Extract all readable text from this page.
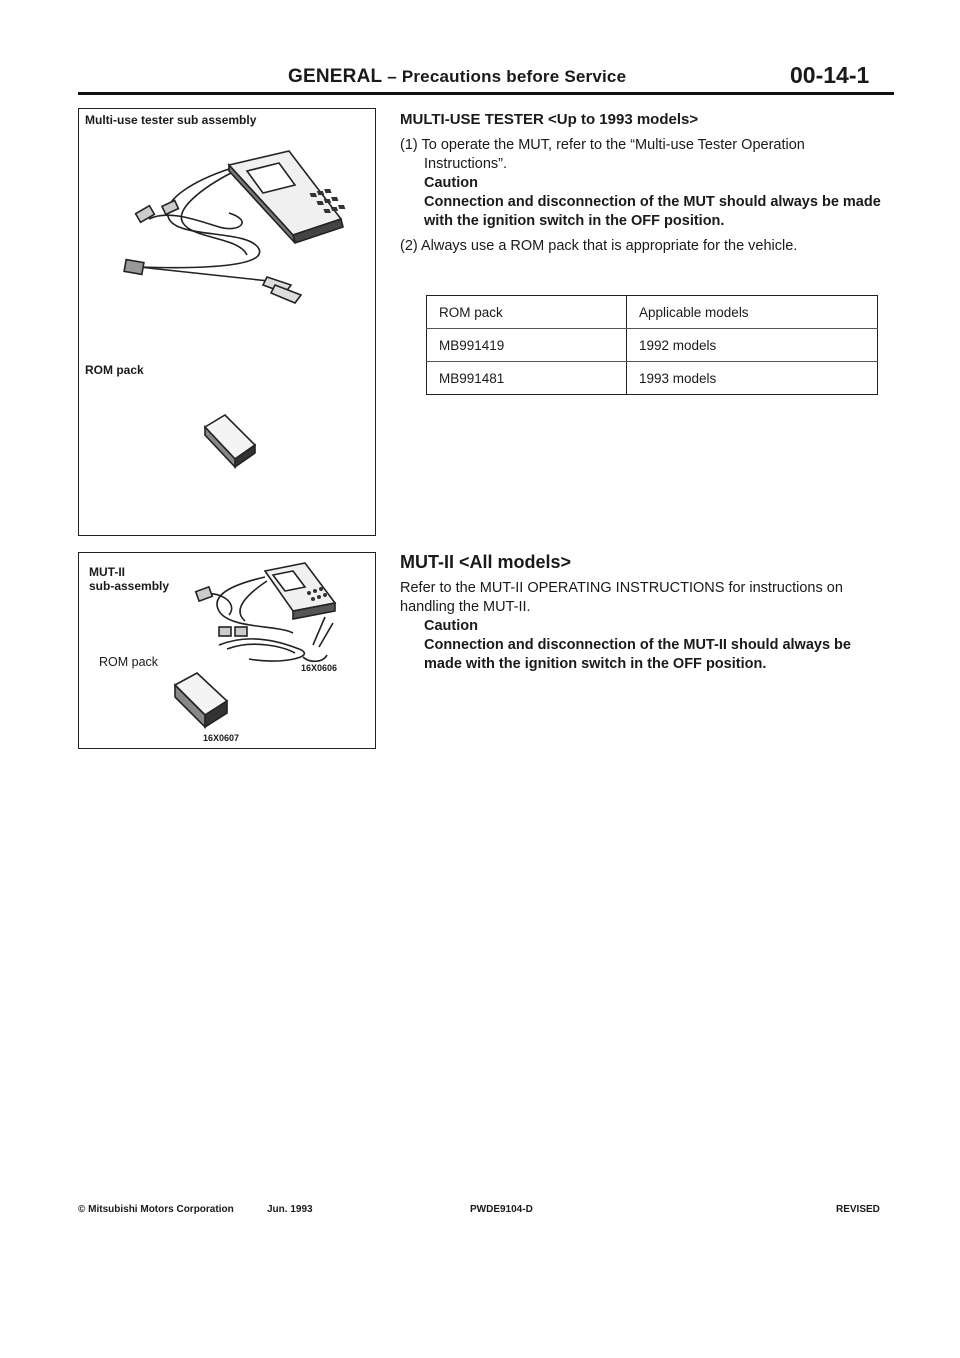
GENERAL – Precautions before Service	00-14-1
Multi-use tester sub assembly
ROM pack
MUT-II
sub-assembly
ROM pack	16X0606
16X0607
MULTI-USE TESTER <Up to 1993 models>

(1) To operate the MUT, refer to the “Multi-use Tester Operation Instructions”.

Caution

Connection and disconnection of the MUT should always be made with the ignition switch in the OFF position.

(2) Always use a ROM pack that is appropriate for the vehicle.

ROM pack	Applicable models
MB991419	1992 models
MB991481	1993 models
MUT-II <All models>

Refer to the MUT-II OPERATING INSTRUCTIONS for instructions on handling the MUT-II.

Caution

Connection and disconnection of the MUT-II should always be made with the ignition switch in the OFF position.

© Mitsubishi Motors Corporation	Jun. 1993	PWDE9104-D	REVISED
